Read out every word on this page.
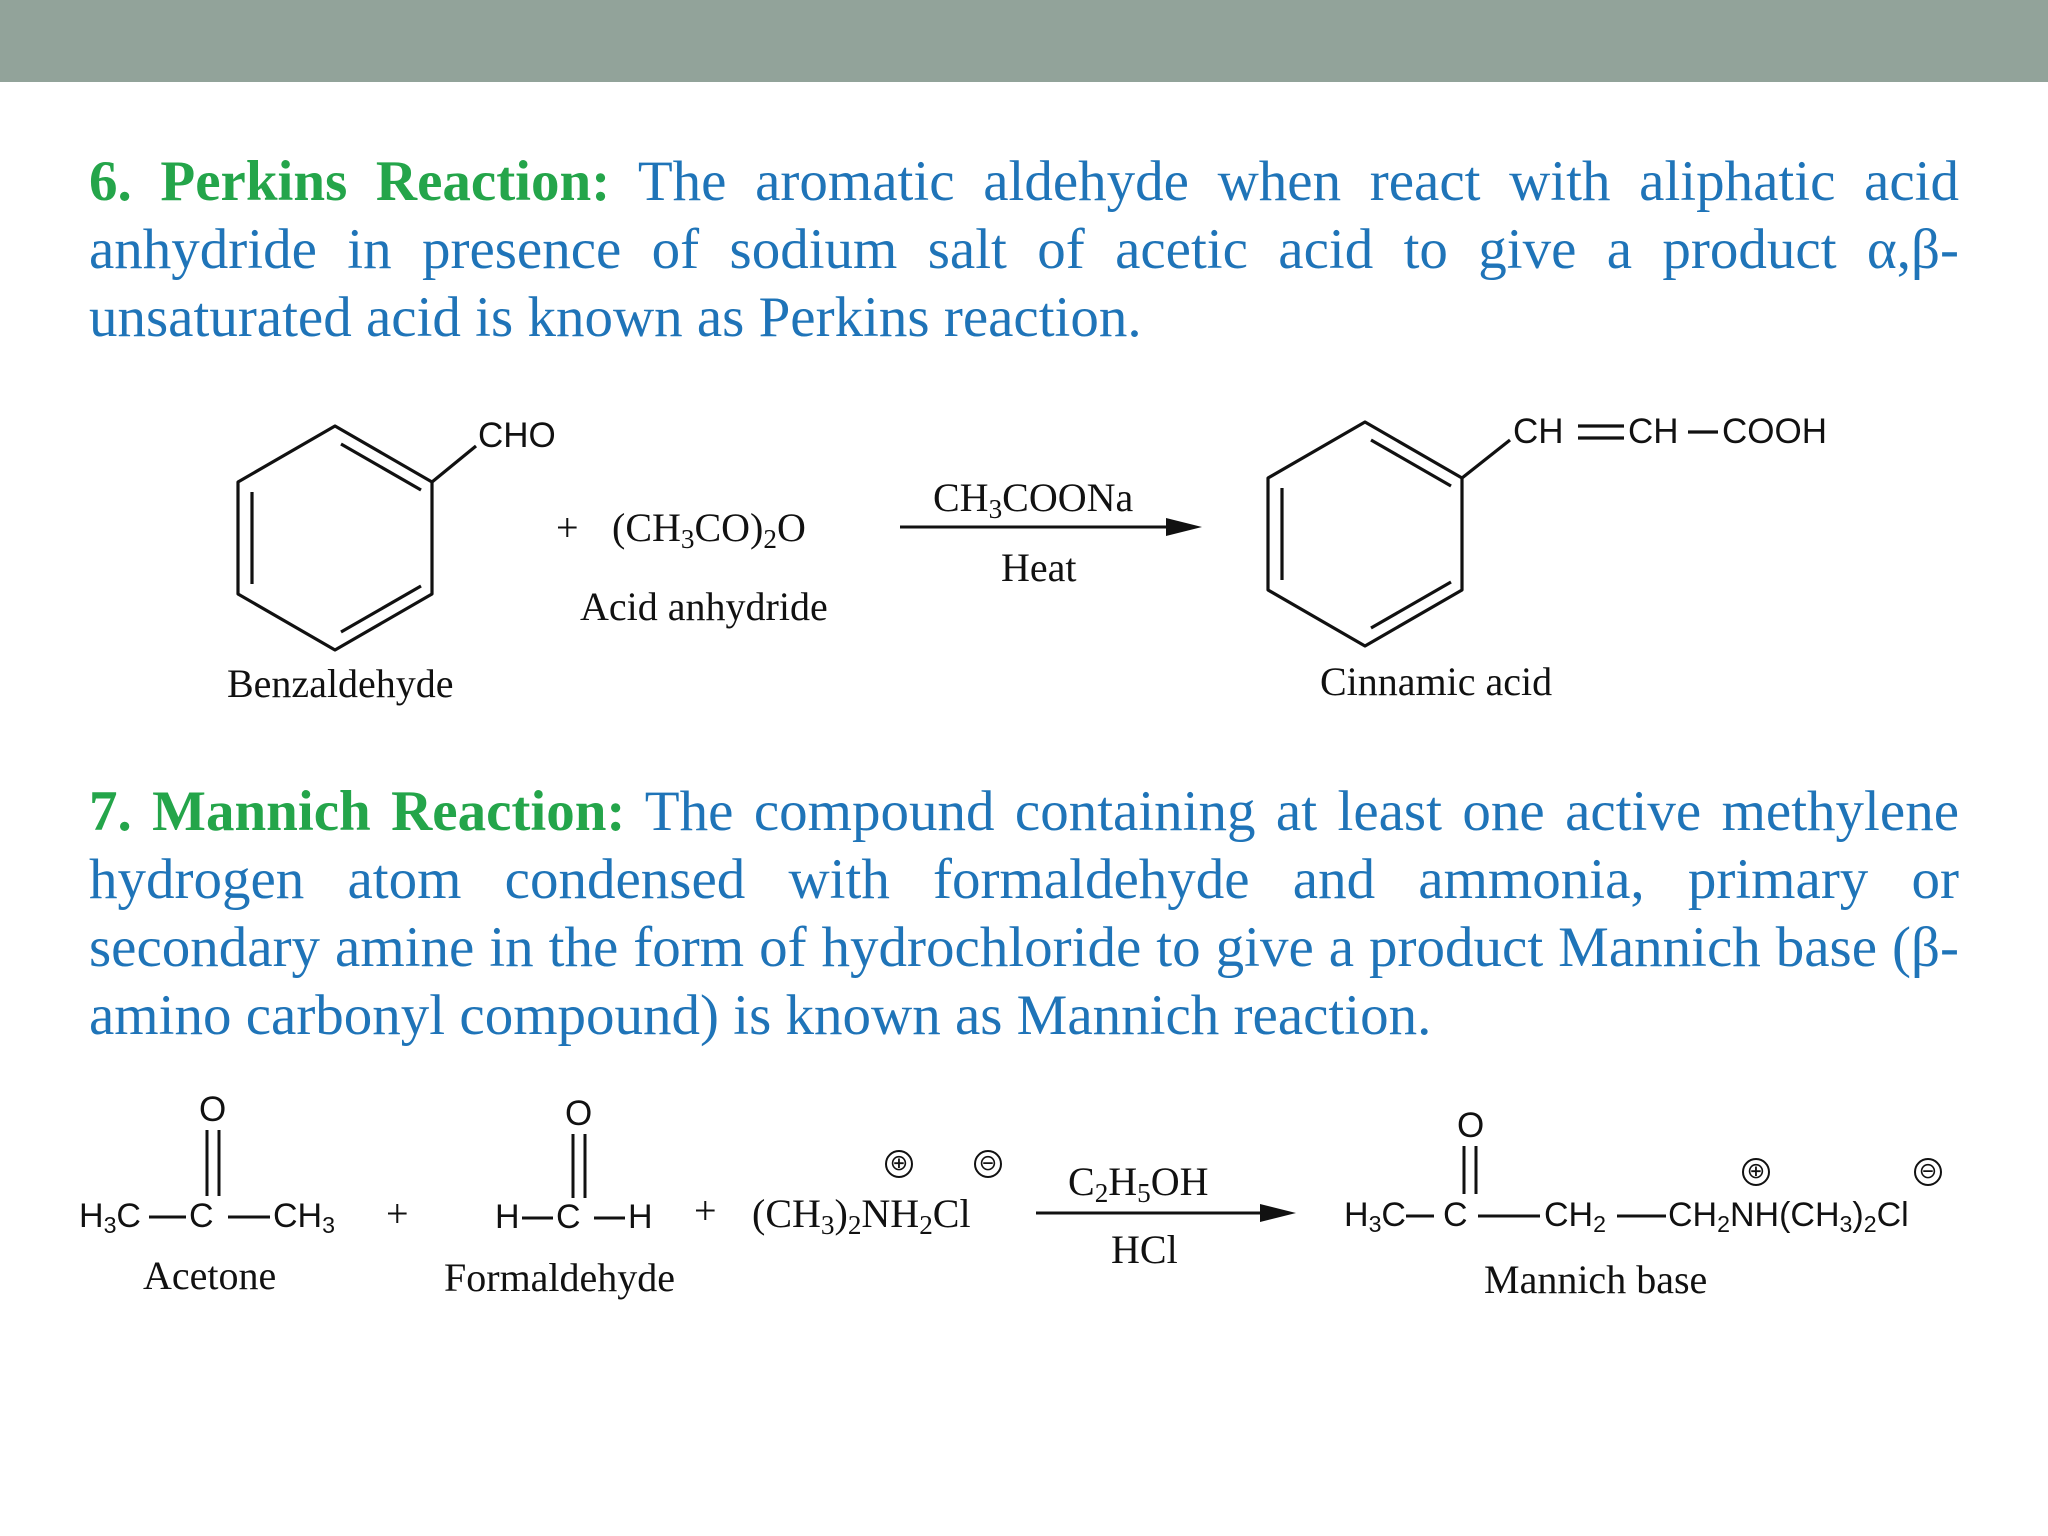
6. Perkins Reaction: The aromatic aldehyde when react with aliphatic acid anhydride in presence of sodium salt of acetic acid to give a product α,β-unsaturated acid is known as Perkins reaction.

CHO
+ $(CH_3CO)_2O$
Acid anhydride
$CH_3COONa$
Heat
Benzaldehyde
CH CH COOH
Cinnamic acid

7. Mannich Reaction: The compound containing at least one active methylene hydrogen atom condensed with formaldehyde and ammonia, primary or secondary amine in the form of hydrochloride to give a product Mannich base (β-amino carbonyl compound) is known as Mannich reaction.

O
$H_3C$ C $CH_3$ +
Acetone
O
H C H +
Formaldehyde
$(CH_3)_2NH_2Cl$
⊕	⊖ $C_2H_5OH$
HCl
O
$H_3C$ C $CH_2$ $CH_2NH(CH_3)_2Cl$
⊕	⊖
Mannich base
